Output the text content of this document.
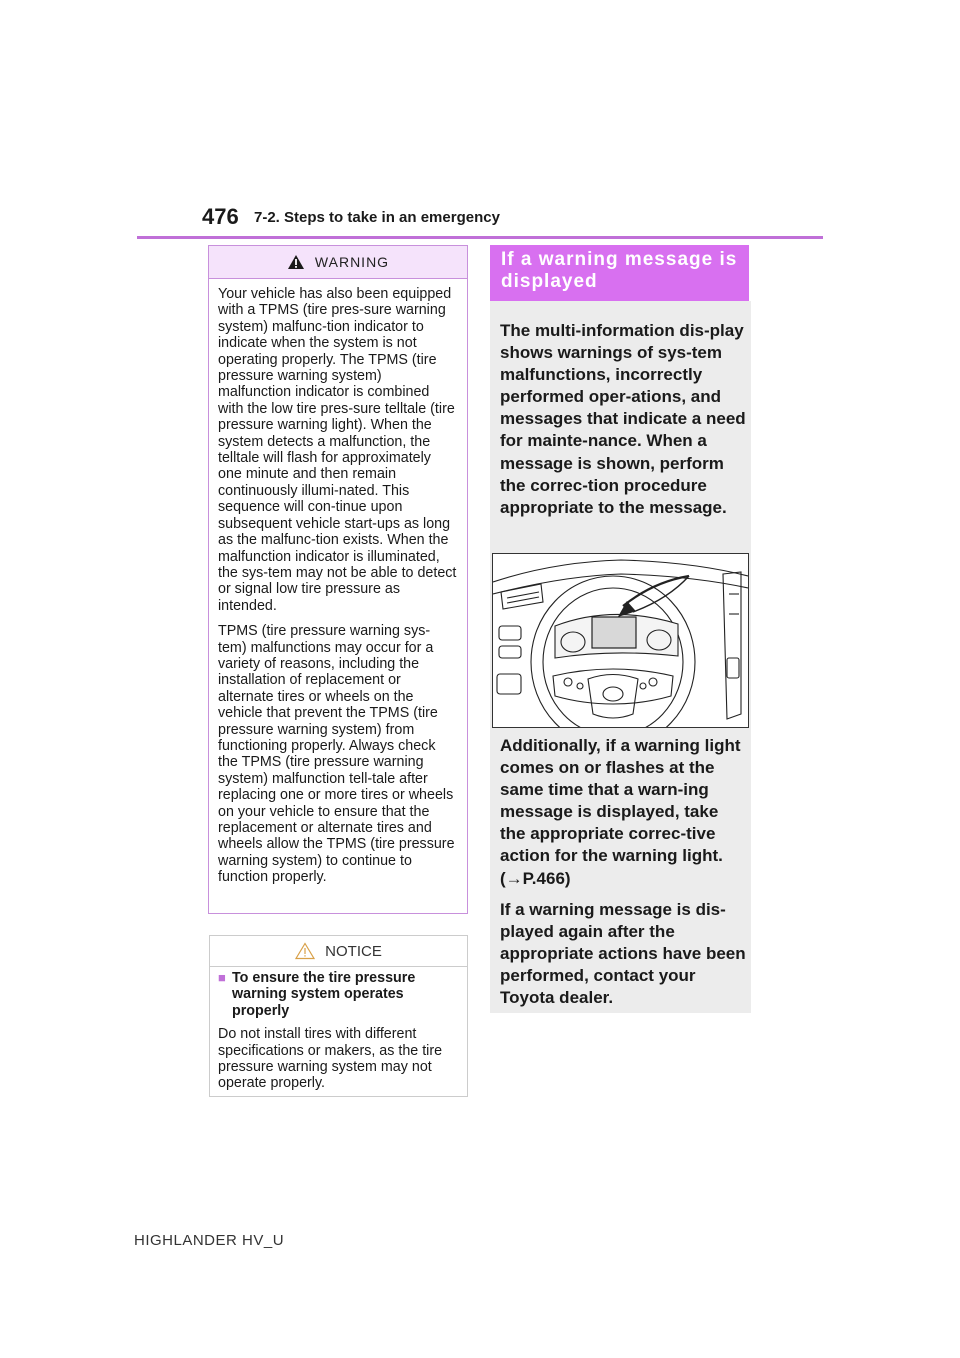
476 7-2. Steps to take in an emergency
WARNING

Your vehicle has also been equipped with a TPMS (tire pres-sure warning system) malfunc-tion indicator to indicate when the system is not operating properly. The TPMS (tire pressure warning system) malfunction indicator is combined with the low tire pres-sure telltale (tire pressure warning light). When the system detects a malfunction, the telltale will flash for approximately one minute and then remain continuously illumi-nated. This sequence will con-tinue upon subsequent vehicle start-ups as long as the malfunc-tion exists. When the malfunction indicator is illuminated, the sys-tem may not be able to detect or signal low tire pressure as intended.

TPMS (tire pressure warning sys-tem) malfunctions may occur for a variety of reasons, including the installation of replacement or alternate tires or wheels on the vehicle that prevent the TPMS (tire pressure warning system) from functioning properly. Always check the TPMS (tire pressure warning system) malfunction tell-tale after replacing one or more tires or wheels on your vehicle to ensure that the replacement or alternate tires and wheels allow the TPMS (tire pressure warning system) to continue to function properly.

NOTICE
■ To ensure the tire pressure warning system operates properly

Do not install tires with different specifications or makers, as the tire pressure warning system may not operate properly.

If a warning message is displayed

The multi-information dis-play shows warnings of sys-tem malfunctions, incorrectly performed oper-ations, and messages that indicate a need for mainte-nance. When a message is shown, perform the correc-tion procedure appropriate to the message.

Additionally, if a warning light comes on or flashes at the same time that a warn-ing message is displayed, take the appropriate correc-tive action for the warning light. (→P.466)

If a warning message is dis-played again after the appropriate actions have been performed, contact your Toyota dealer.

HIGHLANDER HV_U
